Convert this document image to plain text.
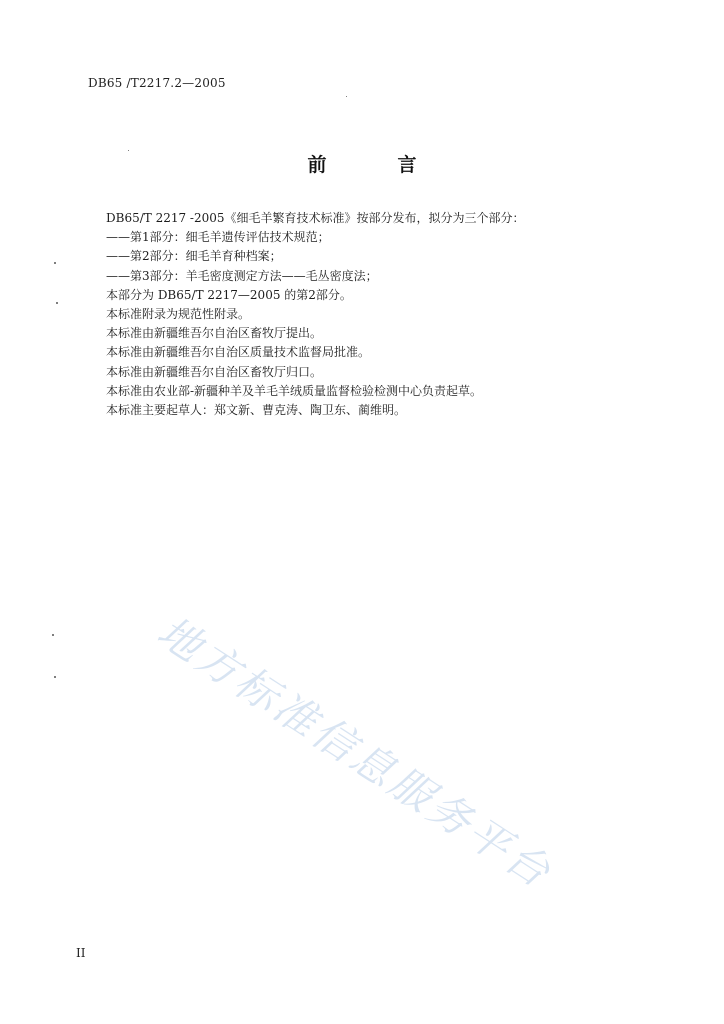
DB65 /T2217.2—2005
前　言
DB65/T 2217 -2005《细毛羊繁育技术标准》按部分发布，拟分为三个部分：
——第1部分：细毛羊遗传评估技术规范；
——第2部分：细毛羊育种档案；
——第3部分：羊毛密度测定方法——毛丛密度法；
本部分为 DB65/T 2217—2005 的第2部分。
本标准附录为规范性附录。
本标准由新疆维吾尔自治区畜牧厅提出。
本标准由新疆维吾尔自治区质量技术监督局批准。
本标准由新疆维吾尔自治区畜牧厅归口。
本标准由农业部-新疆种羊及羊毛羊绒质量监督检验检测中心负责起草。
本标准主要起草人：郑文新、曹克涛、陶卫东、蔺维明。
地方标准信息服务平台
II
